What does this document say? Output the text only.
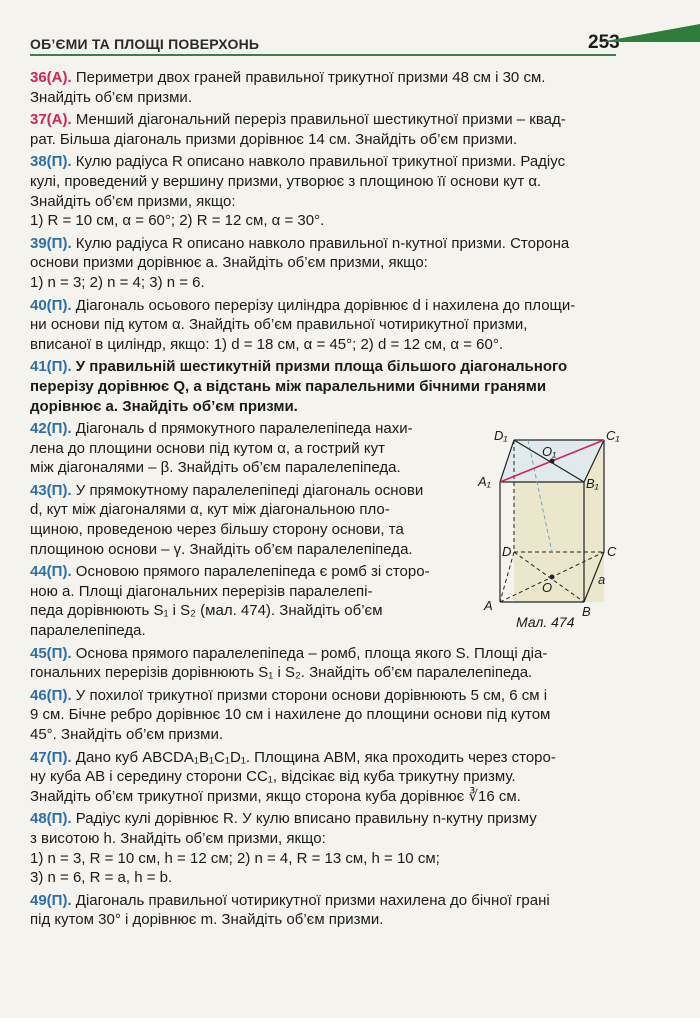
ОБ’ЄМИ ТА ПЛОЩІ ПОВЕРХОНЬ	253
36(А). Периметри двох граней правильної трикутної призми 48 см і 30 см.
Знайдіть об’єм призми.
37(А). Менший діагональний переріз правильної шестикутної призми – квад-
рат. Більша діагональ призми дорівнює 14 см. Знайдіть об’єм призми.
38(П). Кулю радіуса R описано навколо правильної трикутної призми. Радіус
кулі, проведений у вершину призми, утворює з площиною її основи кут α.
Знайдіть об’єм призми, якщо:
1) R = 10 см, α = 60°; 2) R = 12 см, α = 30°.
39(П). Кулю радіуса R описано навколо правильної n-кутної призми. Сторона
основи призми дорівнює a. Знайдіть об’єм призми, якщо:
1) n = 3; 2) n = 4; 3) n = 6.
40(П). Діагональ осьового перерізу циліндра дорівнює d і нахилена до площи-
ни основи під кутом α. Знайдіть об’єм правильної чотирикутної призми,
вписаної в циліндр, якщо: 1) d = 18 см, α = 45°; 2) d = 12 см, α = 60°.
41(П). У правильній шестикутній призми площа більшого діагонального
перерізу дорівнює Q, а відстань між паралельними бічними гранями
дорівнює a. Знайдіть об’єм призми.
42(П). Діагональ d прямокутного паралелепіпеда нахи-
лена до площини основи під кутом α, а гострий кут
між діагоналями – β. Знайдіть об’єм паралелепіпеда.
43(П). У прямокутному паралелепіпеді діагональ основи
d, кут між діагоналями α, кут між діагональною пло-
щиною, проведеною через більшу сторону основи, та
площиною основи – γ. Знайдіть об’єм паралелепіпеда.
44(П). Основою прямого паралелепіпеда є ромб зі сторо-
ною a. Площі діагональних перерізів паралелепі-
педа дорівнюють S₁ і S₂ (мал. 474). Знайдіть об’єм
паралелепіпеда.
45(П). Основа прямого паралелепіпеда – ромб, площа якого S. Площі діа-
гональних перерізів дорівнюють S₁ і S₂. Знайдіть об’єм паралелепіпеда.
46(П). У похилої трикутної призми сторони основи дорівнюють 5 см, 6 см і
9 см. Бічне ребро дорівнює 10 см і нахилене до площини основи під кутом
45°. Знайдіть об’єм призми.
47(П). Дано куб ABCDA₁B₁C₁D₁. Площина ABM, яка проходить через сторо-
ну куба AB і середину сторони CC₁, відсікає від куба трикутну призму.
Знайдіть об’єм трикутної призми, якщо сторона куба дорівнює ∛16 см.
48(П). Радіус кулі дорівнює R. У кулю вписано правильну n-кутну призму
з висотою h. Знайдіть об’єм призми, якщо:
1) n = 3, R = 10 см, h = 12 см; 2) n = 4, R = 13 см, h = 10 см;
3) n = 6, R = a, h = b.
49(П). Діагональ правильної чотирикутної призми нахилена до бічної грані
під кутом 30° і дорівнює m. Знайдіть об’єм призми.
D₁	C₁
O₁
A₁	B₁
D	C
O
a
A	B
Мал. 474
